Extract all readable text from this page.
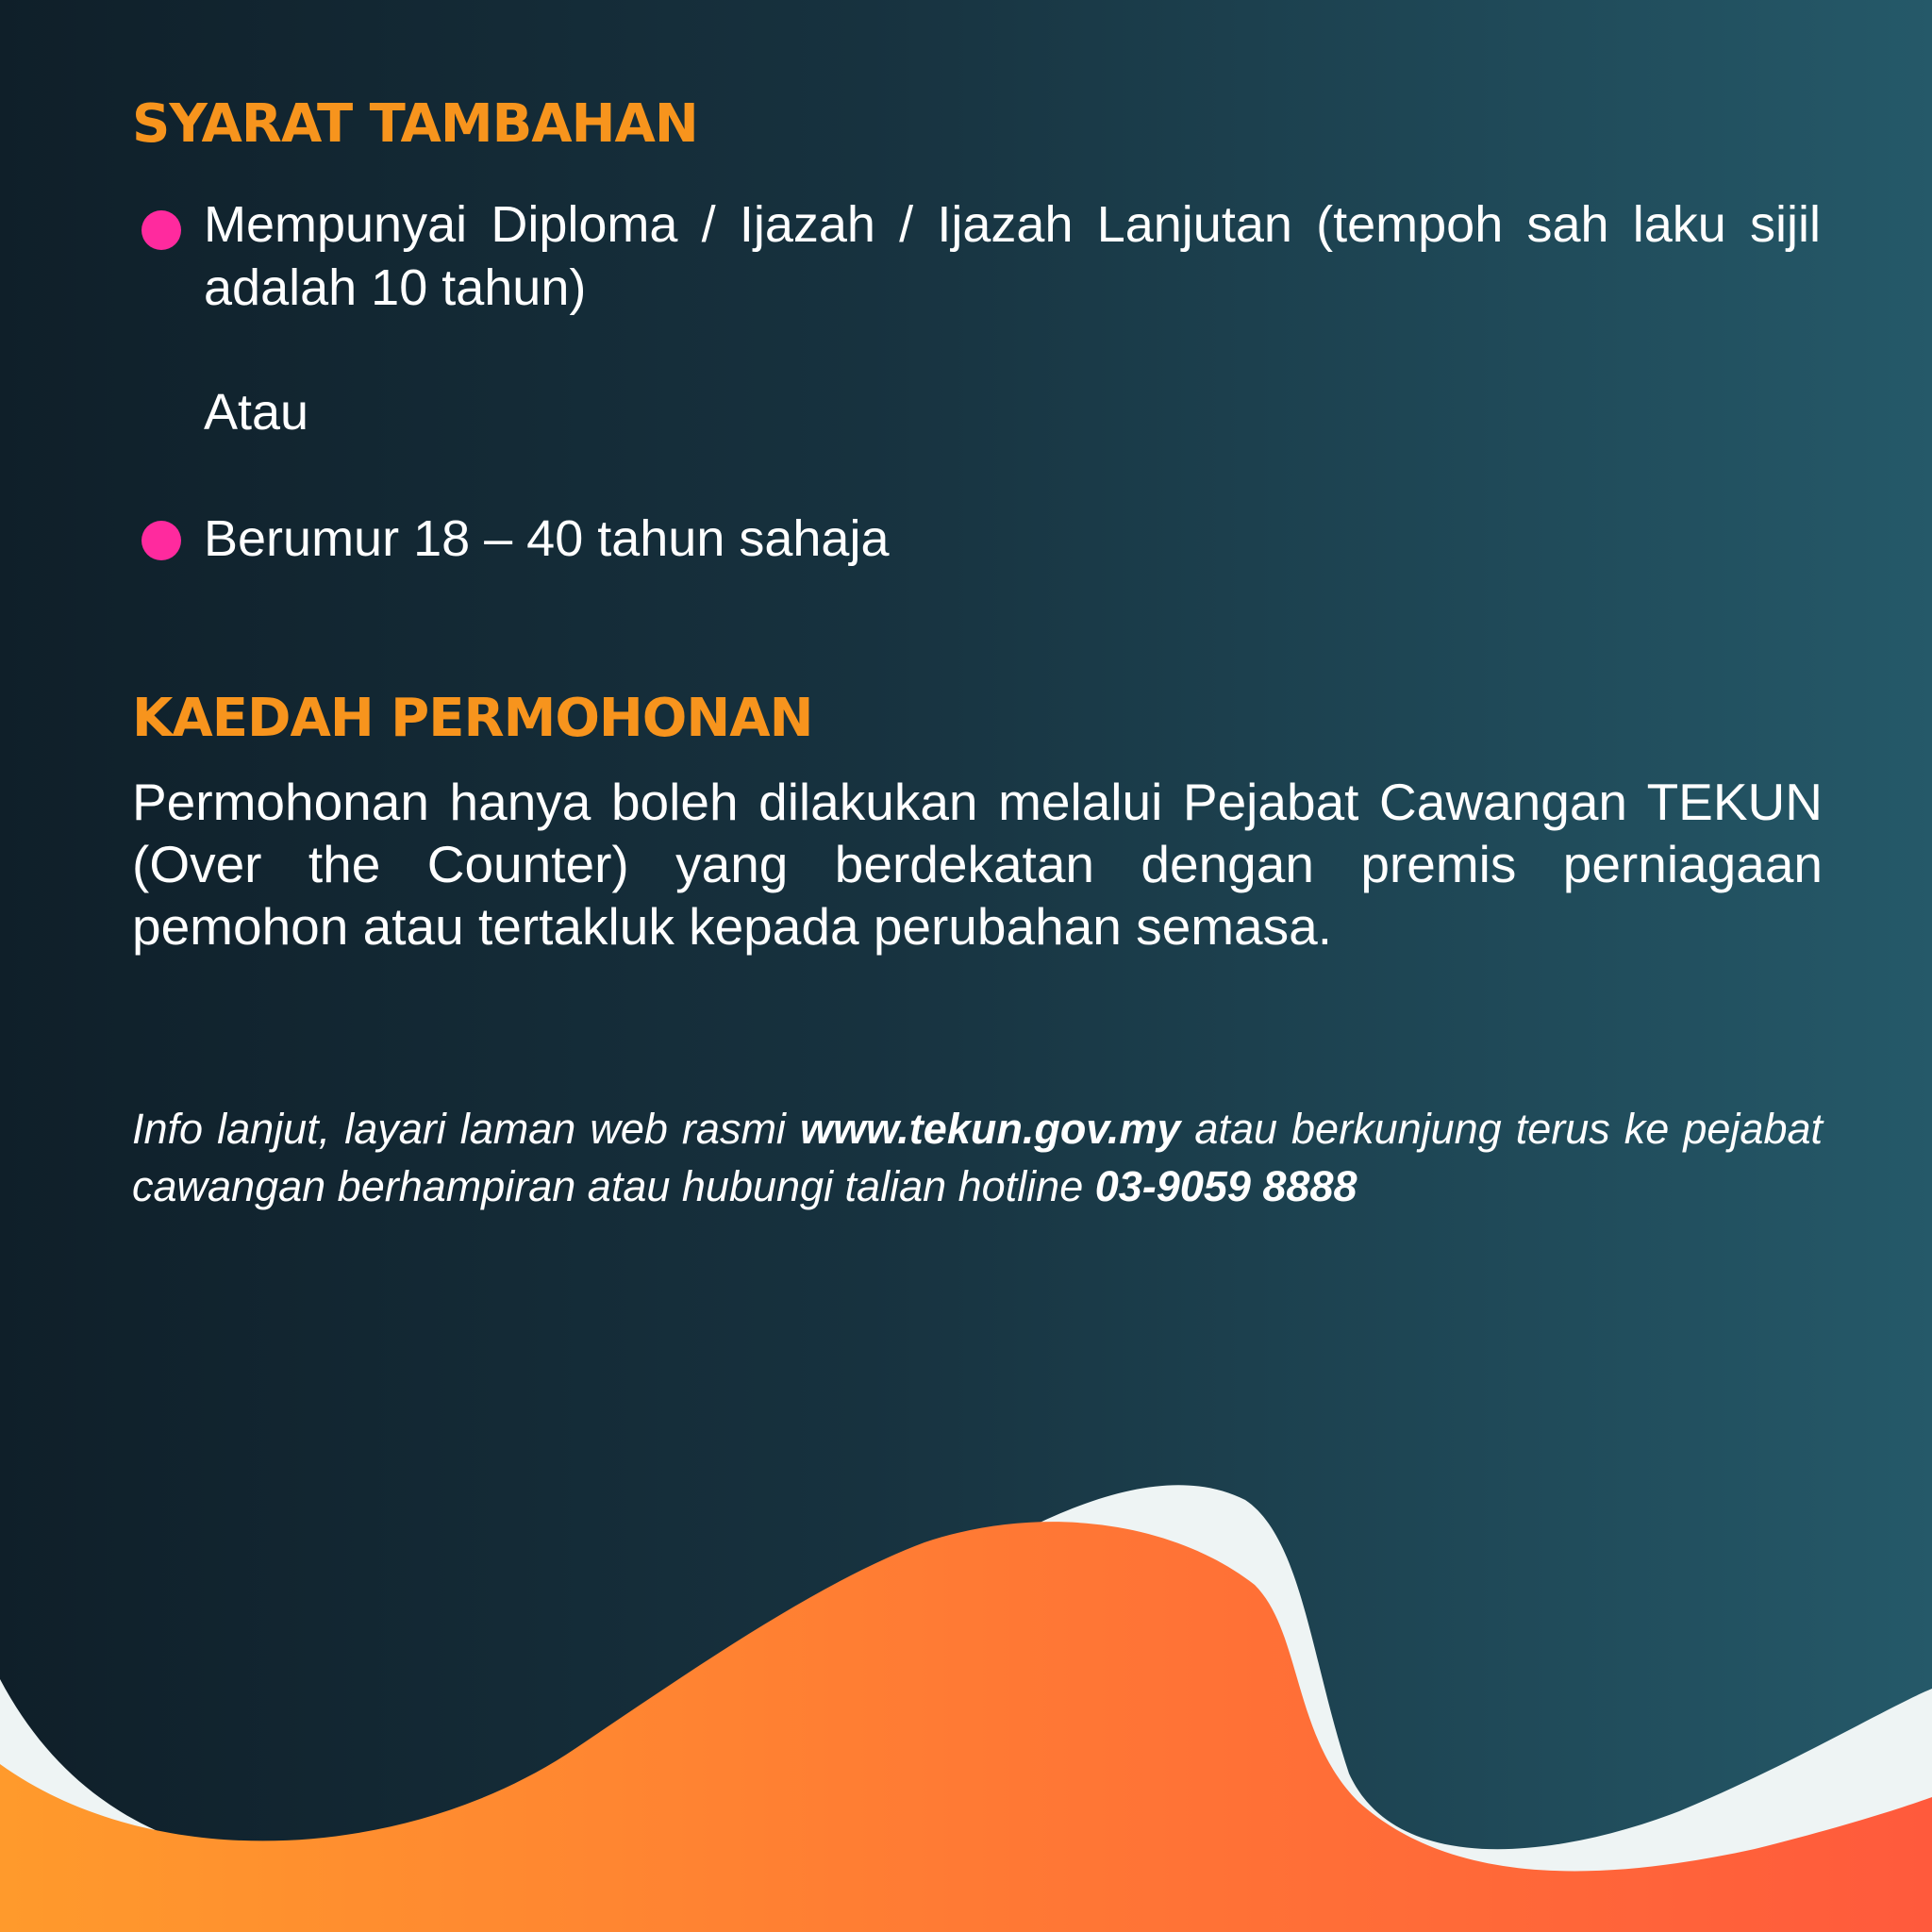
SYARAT TAMBAHAN
Mempunyai Diploma / Ijazah / Ijazah Lanjutan (tempoh sah laku sijil adalah 10 tahun)
Atau
Berumur 18 – 40 tahun sahaja
KAEDAH PERMOHONAN

Permohonan hanya boleh dilakukan melalui Pejabat Cawangan TEKUN (Over the Counter) yang berdekatan dengan premis perniagaan pemohon atau tertakluk kepada perubahan semasa.

Info lanjut, layari laman web rasmi www.tekun.gov.my atau berkunjung terus ke pejabat cawangan berhampiran atau hubungi talian hotline 03-9059 8888
